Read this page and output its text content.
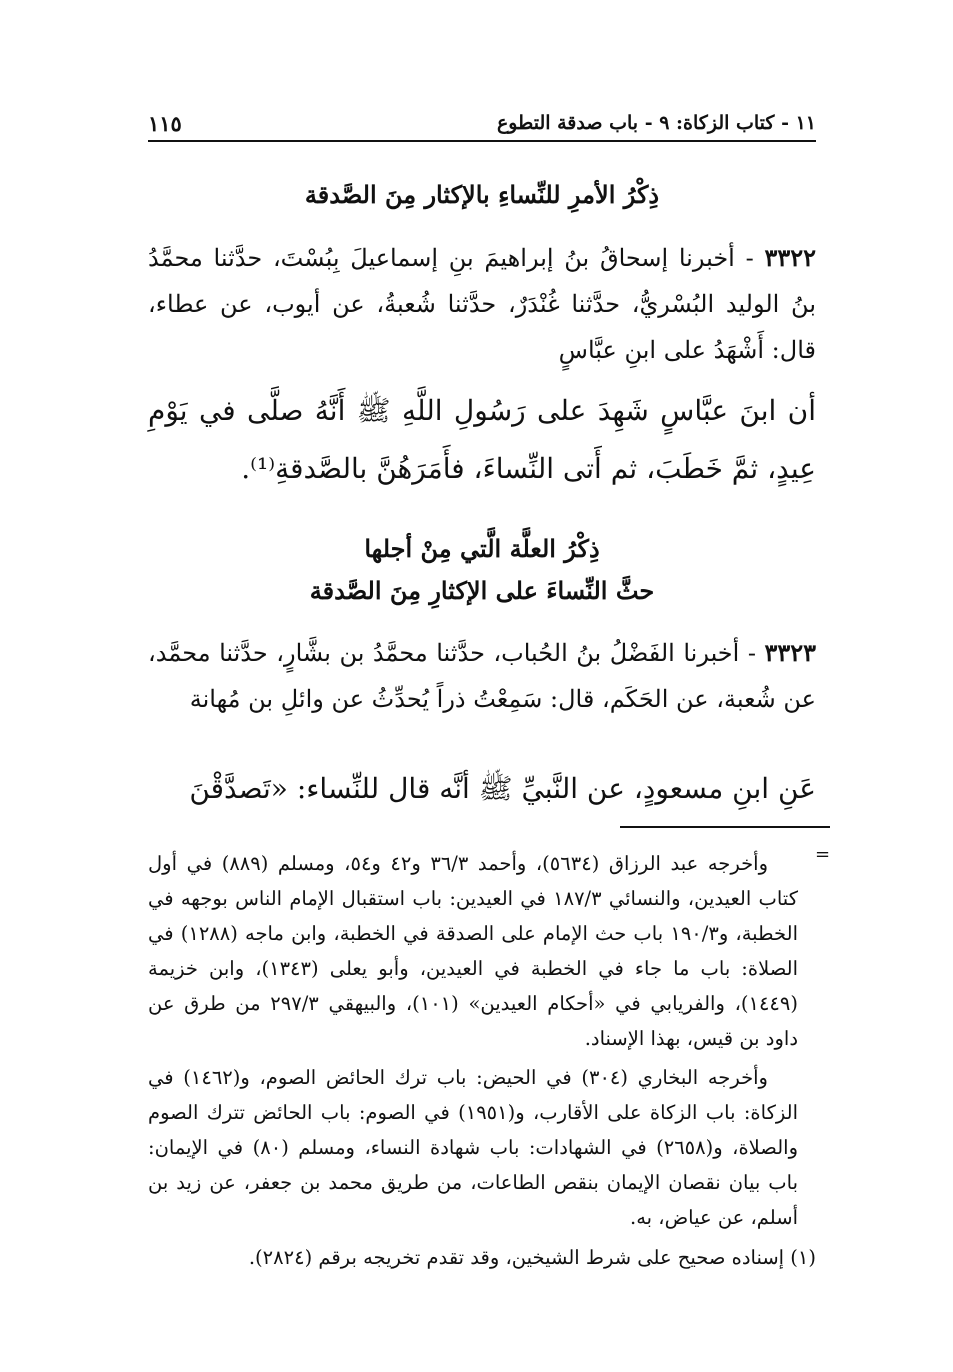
١١ - كتاب الزكاة: ٩ - باب صدقة التطوع
١١٥
ذِكْرُ الأمرِ للنِّساءِ بالإكثار مِنَ الصَّدقة

٣٣٢٢ - أخبرنا إسحاقُ بنُ إبراهيمَ بنِ إسماعيلَ بِبُسْتَ، حدَّثنا محمَّدُ بنُ الوليد البُسْريُّ، حدَّثنا غُنْدَرٌ، حدَّثنا شُعبةُ، عن أيوب، عن عطاء، قال: أَشْهَدُ على ابنِ عبَّاسٍ

أن ابنَ عبَّاسٍ شَهِدَ على رَسُولِ اللَّهِ ﷺ أَنَّهُ صلَّى في يَوْمِ عِيدٍ، ثمَّ خَطَبَ، ثم أَتى النِّساءَ، فأَمَرَهُنَّ بالصَّدقةِ⁽¹⁾.

ذِكْرُ العلَّة الَّتي مِنْ أجلها
حثَّ النِّساءَ على الإكثارِ مِنَ الصَّدقة

٣٣٢٣ - أخبرنا الفَضْلُ بنُ الحُباب، حدَّثنا محمَّدُ بن بشَّارٍ، حدَّثنا محمَّد، عن شُعبة، عن الحَكَم، قال: سَمِعْتُ ذراً يُحدِّثُ عن وائلِ بن مُهانة

عَنِ ابنِ مسعودٍ، عن النَّبيِّ ﷺ أنَّه قال للنِّساء: «تَصدَّقْنَ

=

وأخرجه عبد الرزاق (٥٦٣٤)، وأحمد ٣٦/٣ و٤٢ و٥٤، ومسلم (٨٨٩) في أول كتاب العيدين، والنسائي ١٨٧/٣ في العيدين: باب استقبال الإمام الناس بوجهه في الخطبة، و١٩٠/٣ باب حث الإمام على الصدقة في الخطبة، وابن ماجه (١٢٨٨) في الصلاة: باب ما جاء في الخطبة في العيدين، وأبو يعلى (١٣٤٣)، وابن خزيمة (١٤٤٩)، والفريابي في «أحكام العيدين» (١٠١)، والبيهقي ٢٩٧/٣ من طرق عن داود بن قيس، بهذا الإسناد.

وأخرجه البخاري (٣٠٤) في الحيض: باب ترك الحائض الصوم، و(١٤٦٢) في الزكاة: باب الزكاة على الأقارب، و(١٩٥١) في الصوم: باب الحائض تترك الصوم والصلاة، و(٢٦٥٨) في الشهادات: باب شهادة النساء، ومسلم (٨٠) في الإيمان: باب بيان نقصان الإيمان بنقص الطاعات، من طريق محمد بن جعفر، عن زيد بن أسلم، عن عياض، به.

(١) إسناده صحيح على شرط الشيخين، وقد تقدم تخريجه برقم (٢٨٢٤).
